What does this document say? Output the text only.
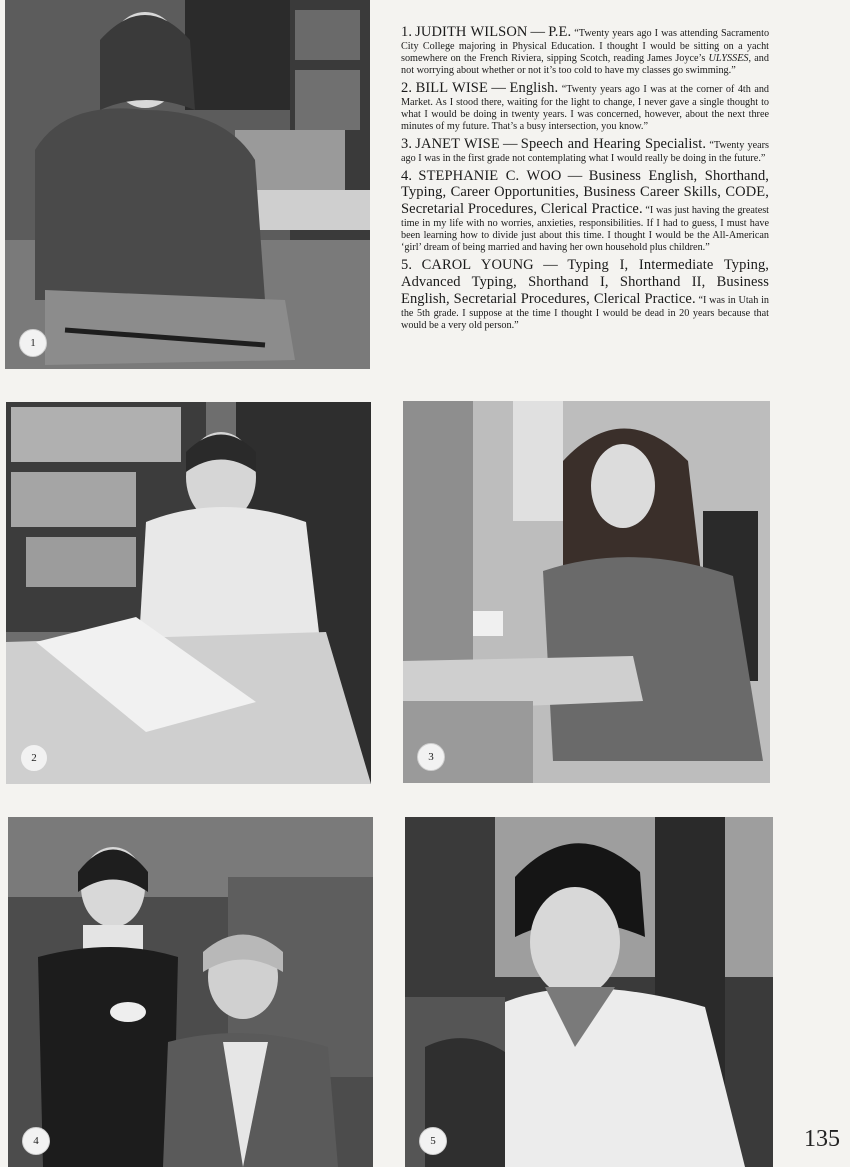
1

1. JUDITH WILSON — P.E. “Twenty years ago I was attending Sacramento City College majoring in Physical Education. I thought I would be sitting on a yacht somewhere on the French Riviera, sipping Scotch, reading James Joyce’s ULYSSES, and not worrying about whether or not it’s too cold to have my classes go swimming.”

2. BILL WISE — English. “Twenty years ago I was at the corner of 4th and Market. As I stood there, waiting for the light to change, I never gave a single thought to what I would be doing in twenty years. I was concerned, however, about the next three minutes of my future. That’s a busy intersection, you know.”

3. JANET WISE — Speech and Hearing Specialist. “Twenty years ago I was in the first grade not contemplating what I would really be doing in the future.”

4. STEPHANIE C. WOO — Business English, Shorthand, Typing, Career Opportunities, Business Career Skills, CODE, Secretarial Procedures, Clerical Practice. “I was just having the greatest time in my life with no worries, anxieties, responsibilities. If I had to guess, I must have been learning how to divide just about this time. I thought I would be the All-American ‘girl’ dream of being married and having her own household plus children.”

5. CAROL YOUNG — Typing I, Intermediate Typing, Advanced Typing, Shorthand I, Shorthand II, Business English, Secretarial Procedures, Clerical Practice. “I was in Utah in the 5th grade. I suppose at the time I thought I would be dead in 20 years because that would be a very old person.”

2	3
4	5	135
